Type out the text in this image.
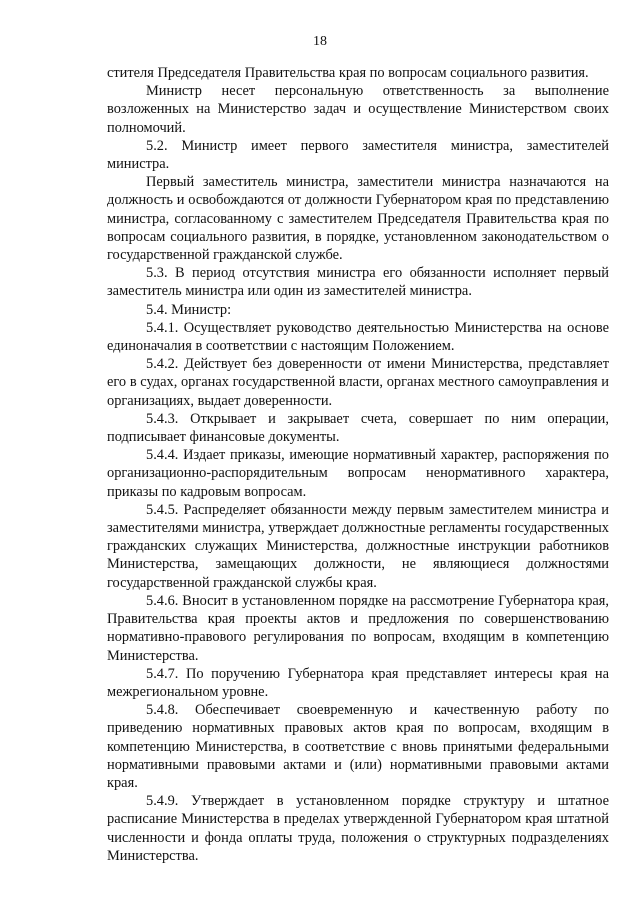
18

стителя Председателя Правительства края по вопросам социального развития.

Министр несет персональную ответственность за выполнение возложенных на Министерство задач и осуществление Министерством своих полномочий.

5.2. Министр имеет первого заместителя министра, заместителей министра.

Первый заместитель министра, заместители министра назначаются на должность и освобождаются от должности Губернатором края по представлению министра, согласованному с заместителем Председателя Правительства края по вопросам социального развития, в порядке, установленном законодательством о государственной гражданской службе.

5.3. В период отсутствия министра его обязанности исполняет первый заместитель министра или один из заместителей министра.

5.4. Министр:

5.4.1. Осуществляет руководство деятельностью Министерства на основе единоначалия в соответствии с настоящим Положением.

5.4.2. Действует без доверенности от имени Министерства, представляет его в судах, органах государственной власти, органах местного самоуправления и организациях, выдает доверенности.

5.4.3. Открывает и закрывает счета, совершает по ним операции, подписывает финансовые документы.

5.4.4. Издает приказы, имеющие нормативный характер, распоряжения по организационно-распорядительным вопросам ненормативного характера, приказы по кадровым вопросам.

5.4.5. Распределяет обязанности между первым заместителем министра и заместителями министра, утверждает должностные регламенты государственных гражданских служащих Министерства, должностные инструкции работников Министерства, замещающих должности, не являющиеся должностями государственной гражданской службы края.

5.4.6. Вносит в установленном порядке на рассмотрение Губернатора края, Правительства края проекты актов и предложения по совершенствованию нормативно-правового регулирования по вопросам, входящим в компетенцию Министерства.

5.4.7. По поручению Губернатора края представляет интересы края на межрегиональном уровне.

5.4.8. Обеспечивает своевременную и качественную работу по приведению нормативных правовых актов края по вопросам, входящим в компетенцию Министерства, в соответствие с вновь принятыми федеральными нормативными правовыми актами и (или) нормативными правовыми актами края.

5.4.9. Утверждает в установленном порядке структуру и штатное расписание Министерства в пределах утвержденной Губернатором края штатной численности и фонда оплаты труда, положения о структурных подразделениях Министерства.
